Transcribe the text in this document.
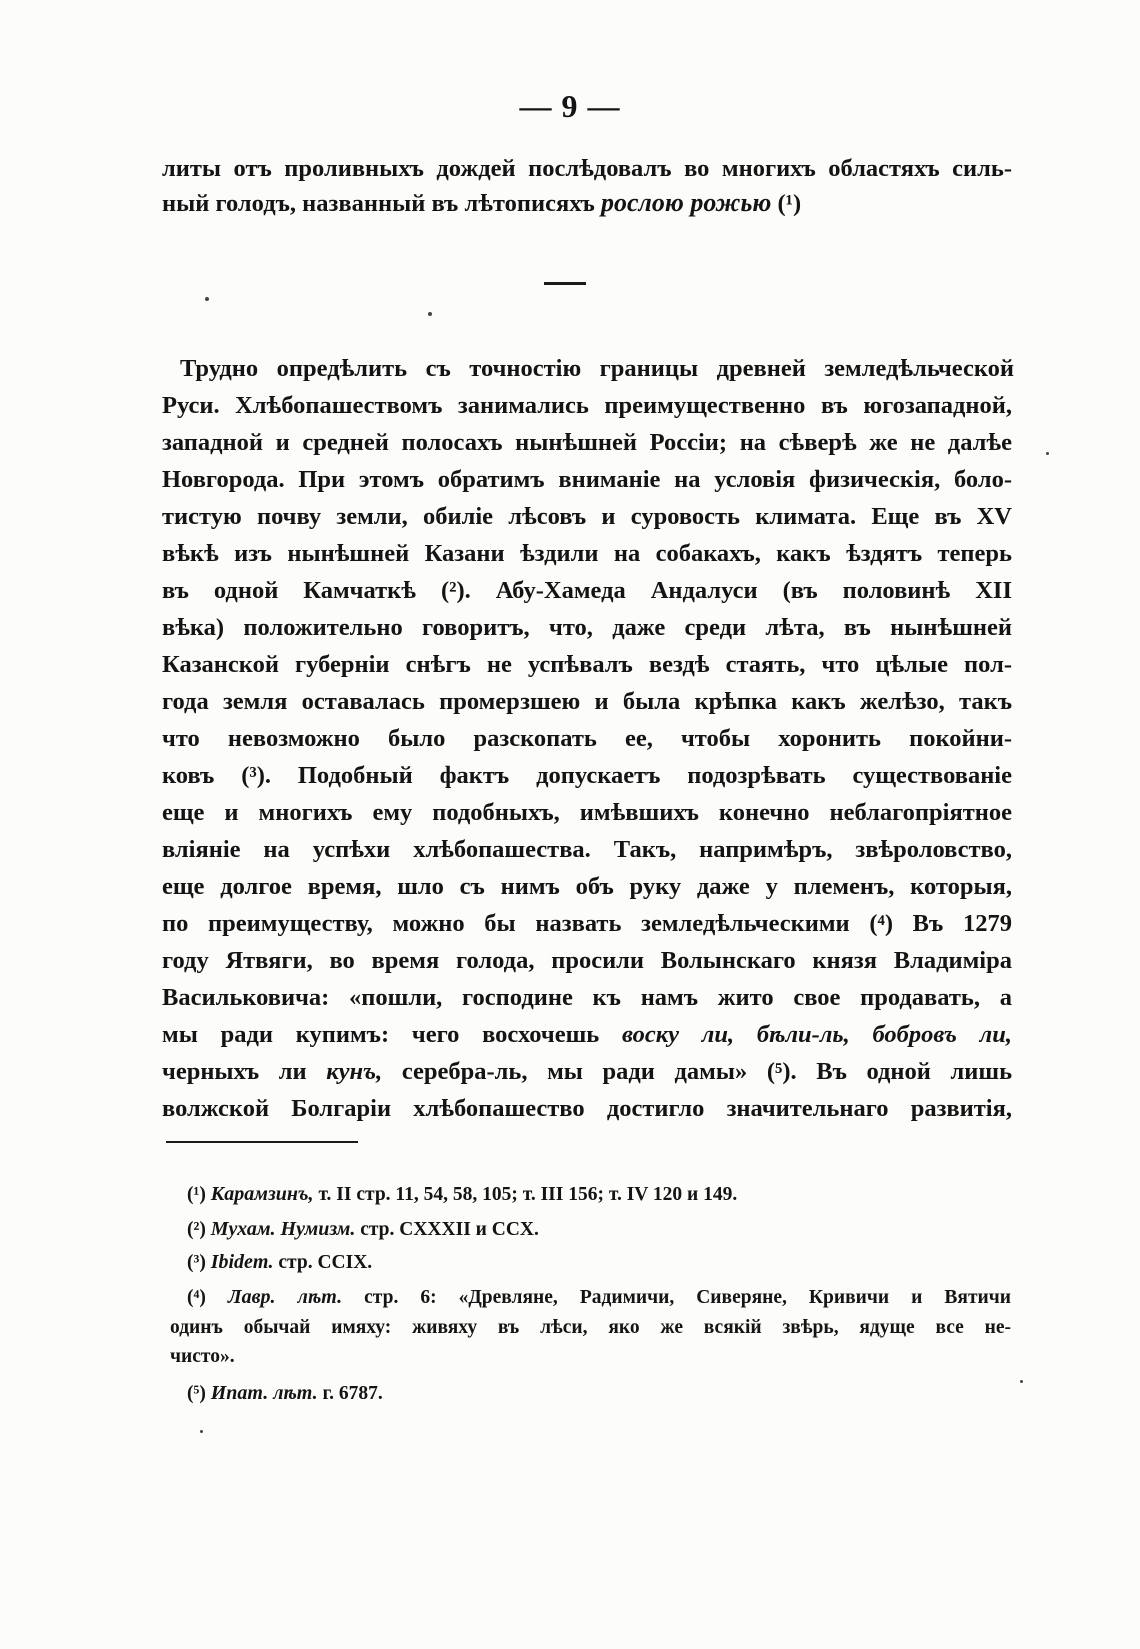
— 9 —
литы отъ проливныхъ дождей послѣдовалъ во многихъ областяхъ силь-
ный голодъ, названный въ лѣтописяхъ рослою рожью (¹)
Трудно опредѣлить съ точностію границы древней земледѣльческой
Руси. Хлѣбопашествомъ занимались преимущественно въ югозападной,
западной и средней полосахъ нынѣшней Россіи; на сѣверѣ же не далѣе
Новгорода. При этомъ обратимъ вниманіе на условія физическія, боло-
тистую почву земли, обиліе лѣсовъ и суровость климата. Еще въ XV
вѣкѣ изъ нынѣшней Казани ѣздили на собакахъ, какъ ѣздятъ теперь
въ одной Камчаткѣ (²). Абу-Хамеда Андалуси (въ половинѣ XII
вѣка) положительно говоритъ, что, даже среди лѣта, въ нынѣшней
Казанской губерніи снѣгъ не успѣвалъ вездѣ стаять, что цѣлые пол-
года земля оставалась промерзшею и была крѣпка какъ желѣзо, такъ
что невозможно было разскопать ее, чтобы хоронить покойни-
ковъ (³). Подобный фактъ допускаетъ подозрѣвать существованіе
еще и многихъ ему подобныхъ, имѣвшихъ конечно неблагопріятное
вліяніе на успѣхи хлѣбопашества. Такъ, напримѣръ, звѣроловство,
еще долгое время, шло съ нимъ объ руку даже у племенъ, которыя,
по преимуществу, можно бы назвать земледѣльческими (⁴) Въ 1279
году Ятвяги, во время голода, просили Волынскаго князя Владиміра
Васильковича: «пошли, господине къ намъ жито свое продавать, а
мы ради купимъ: чего восхочешь воску ли, бѣли-ль, бобровъ ли,
черныхъ ли кунъ, серебра-ль, мы ради дамы» (⁵). Въ одной лишь
волжской Болгаріи хлѣбопашество достигло значительнаго развитія,
(¹) Карамзинъ, т. II стр. 11, 54, 58, 105; т. III 156; т. IV 120 и 149.
(²) Мухам. Нумизм. стр. CXXXII и CCX.
(³) Ibidem. стр. CCIX.
(⁴) Лавр. лѣт. стр. 6: «Древляне, Радимичи, Сиверяне, Кривичи и Вятичи
одинъ обычай имяху: живяху въ лѣси, яко же всякій звѣрь, ядуще все не-
чисто».
(⁵) Ипат. лѣт. г. 6787.
